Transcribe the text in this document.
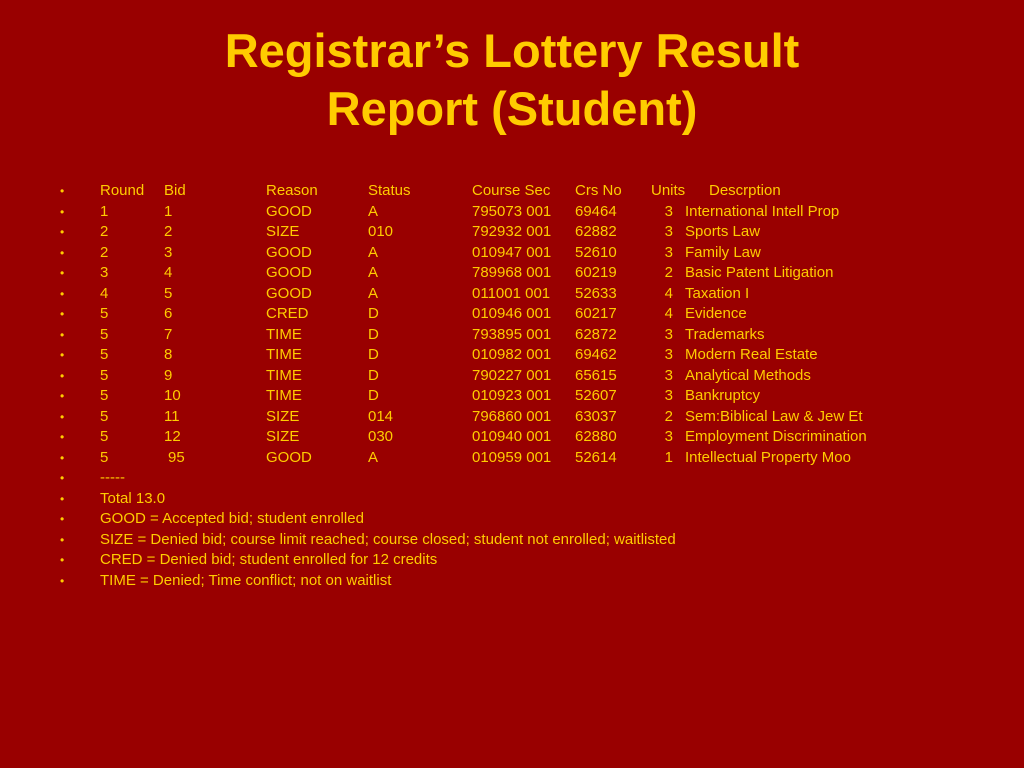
Registrar’s Lottery Result
Report (Student)
• Round Bid	Reason	Status	Course Sec Crs No Units Descrption
• 1	1	GOOD	A	795073 001 69464	3 International Intell Prop
• 2	2	SIZE	010	792932 001 62882	3 Sports Law
• 2	3	GOOD	A	010947 001 52610	3 Family Law
• 3	4	GOOD	A	789968 001 60219	2 Basic Patent Litigation
• 4	5	GOOD	A	011001 001 52633	4 Taxation I
• 5	6	CRED	D	010946 001 60217	4 Evidence
• 5	7	TIME	D	793895 001 62872	3 Trademarks
• 5	8	TIME	D	010982 001 69462	3 Modern Real Estate
• 5	9	TIME	D	790227 001 65615	3 Analytical Methods
• 5	10	TIME	D	010923 001 52607	3 Bankruptcy
• 5	11	SIZE	014	796860 001 63037	2 Sem:Biblical Law & Jew Et
• 5	12	SIZE	030	010940 001 62880	3 Employment Discrimination
• 5	95	GOOD	A	010959 001 52614	1 Intellectual Property Moo
• -----
• Total 13.0
• GOOD = Accepted bid; student enrolled
• SIZE = Denied bid; course limit reached; course closed; student not enrolled; waitlisted
• CRED = Denied bid; student enrolled for 12 credits
• TIME = Denied; Time conflict; not on waitlist
